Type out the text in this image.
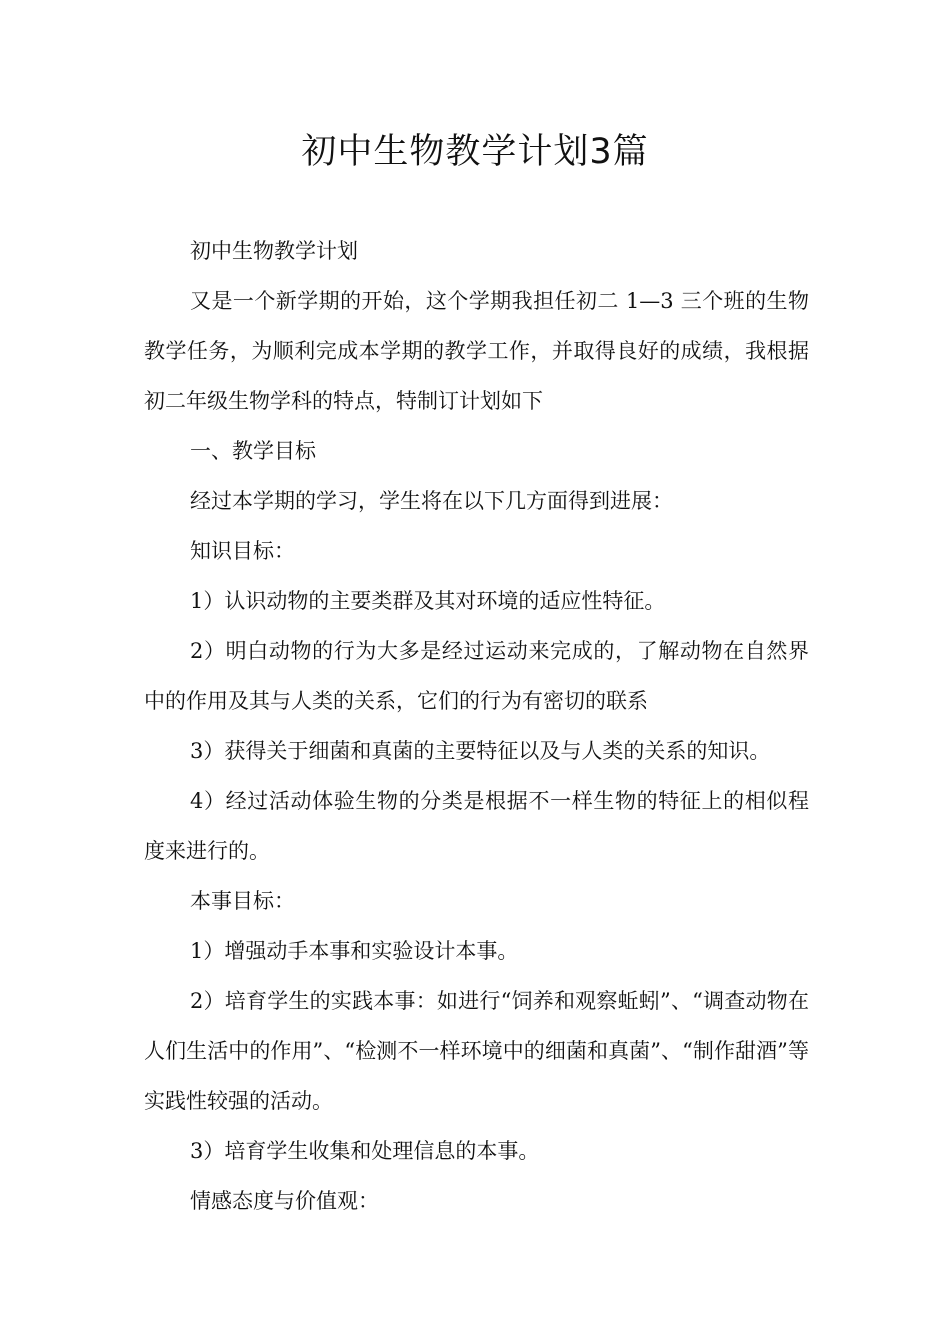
初中生物教学计划3篇

初中生物教学计划

又是一个新学期的开始，这个学期我担任初二 1—3 三个班的生物教学任务，为顺利完成本学期的教学工作，并取得良好的成绩，我根据初二年级生物学科的特点，特制订计划如下

一、教学目标

经过本学期的学习，学生将在以下几方面得到进展：

知识目标：

1）认识动物的主要类群及其对环境的适应性特征。

2）明白动物的行为大多是经过运动来完成的，了解动物在自然界中的作用及其与人类的关系，它们的行为有密切的联系

3）获得关于细菌和真菌的主要特征以及与人类的关系的知识。

4）经过活动体验生物的分类是根据不一样生物的特征上的相似程度来进行的。

本事目标：

1）增强动手本事和实验设计本事。

2）培育学生的实践本事：如进行“饲养和观察蚯蚓”、“调查动物在人们生活中的作用”、“检测不一样环境中的细菌和真菌”、“制作甜酒”等实践性较强的活动。

3）培育学生收集和处理信息的本事。

情感态度与价值观：
